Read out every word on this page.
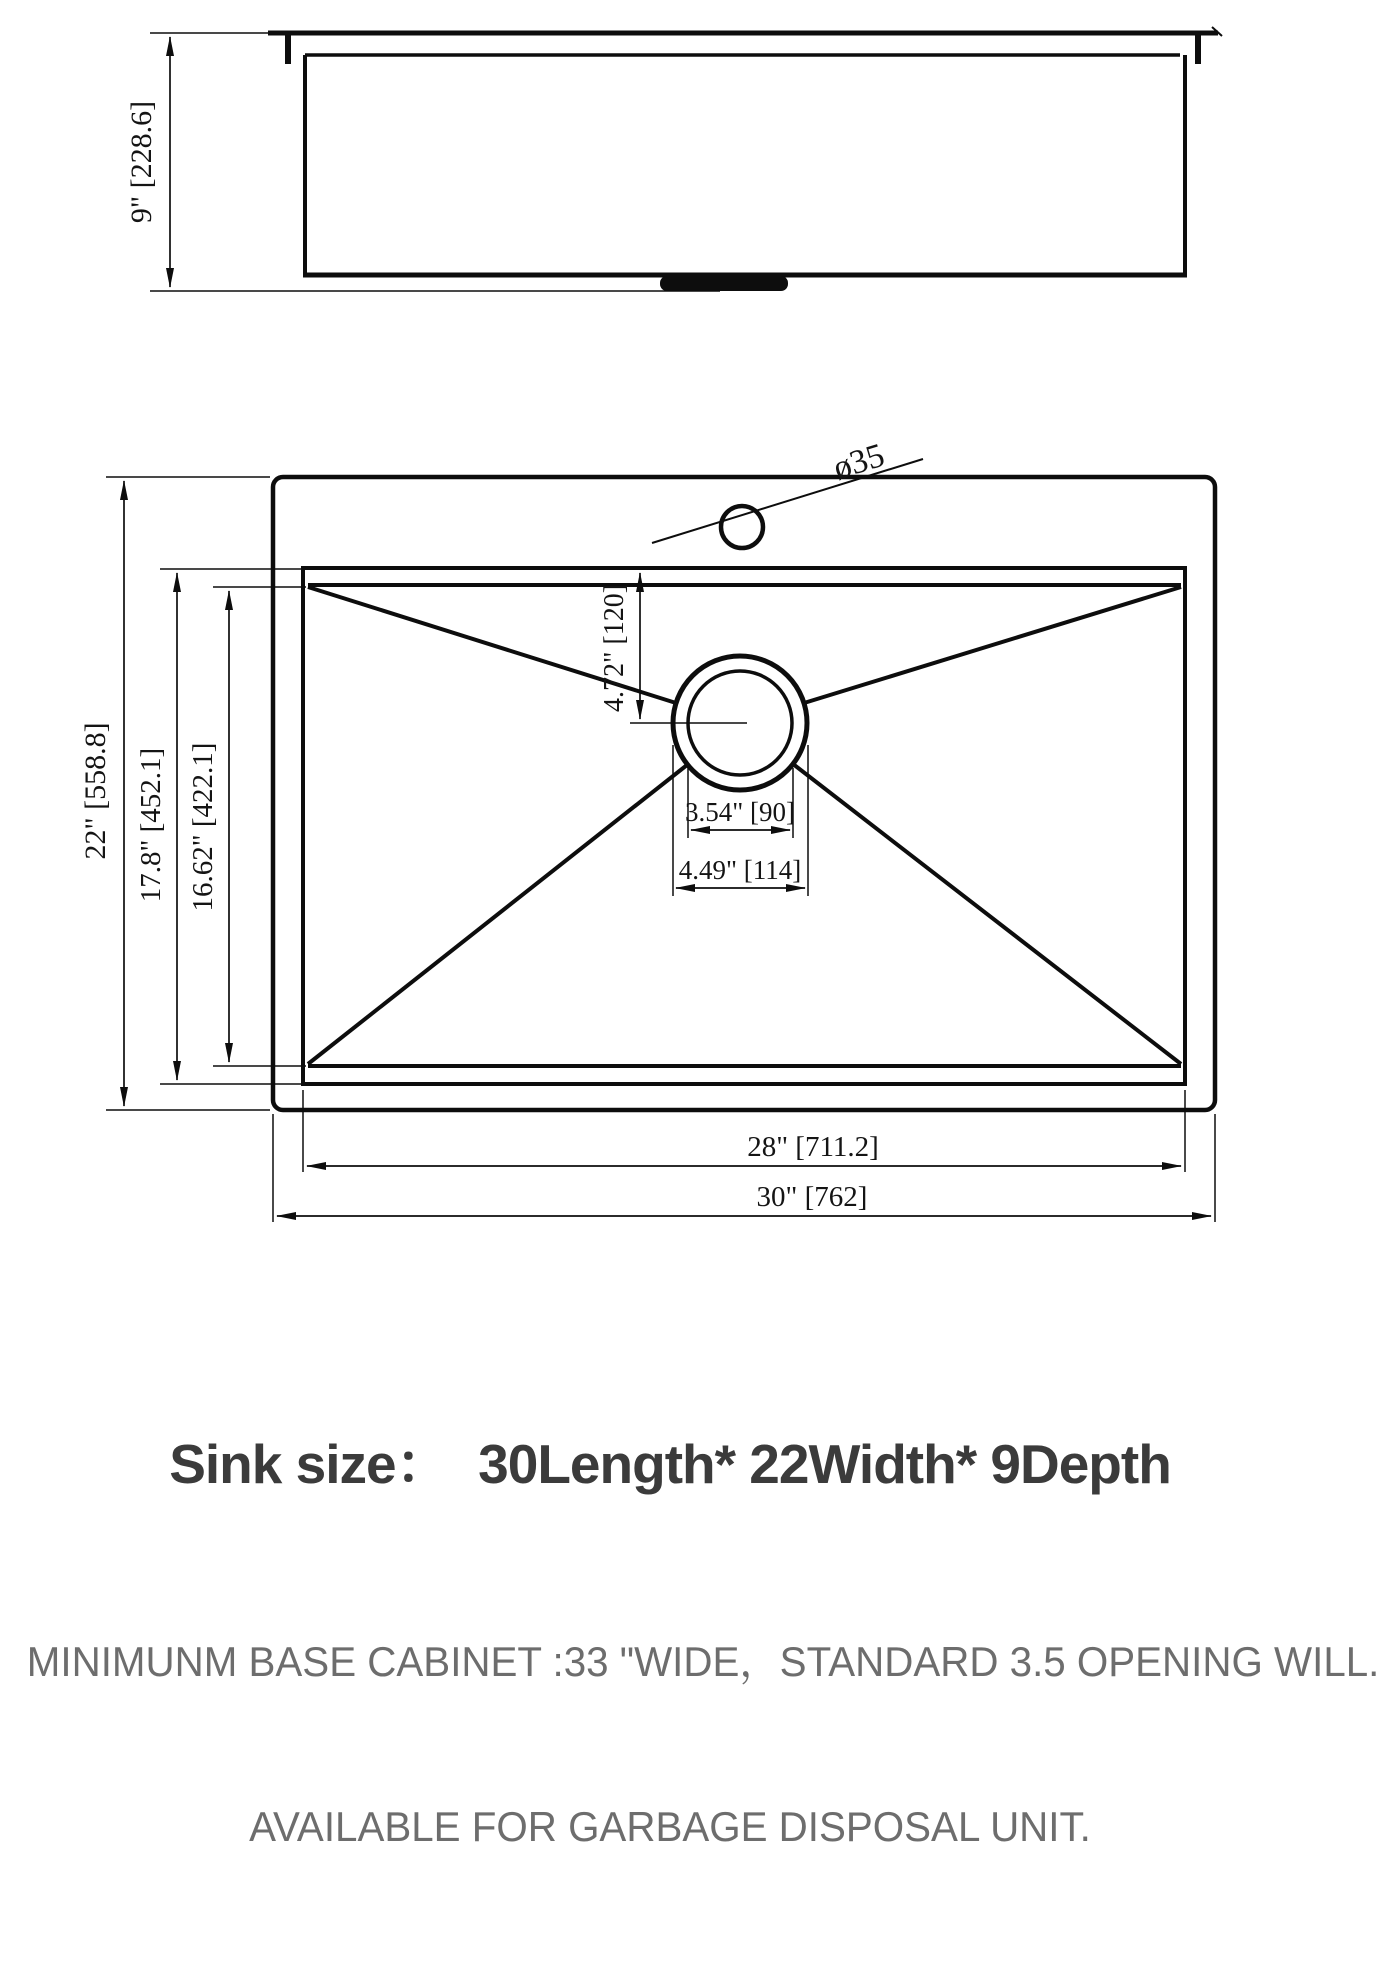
9" [228.6]
ø35
22" [558.8] 17.8" [452.1] 16.62" [422.1]
4.72" [120]
3.54" [90]
4.49" [114]
28" [711.2]
30" [762]
Sink size：  30Length* 22Width* 9Depth

MINIMUNM BASE CABINET :33 "WIDE，STANDARD 3.5 OPENING WILL.

AVAILABLE FOR GARBAGE DISPOSAL UNIT.
